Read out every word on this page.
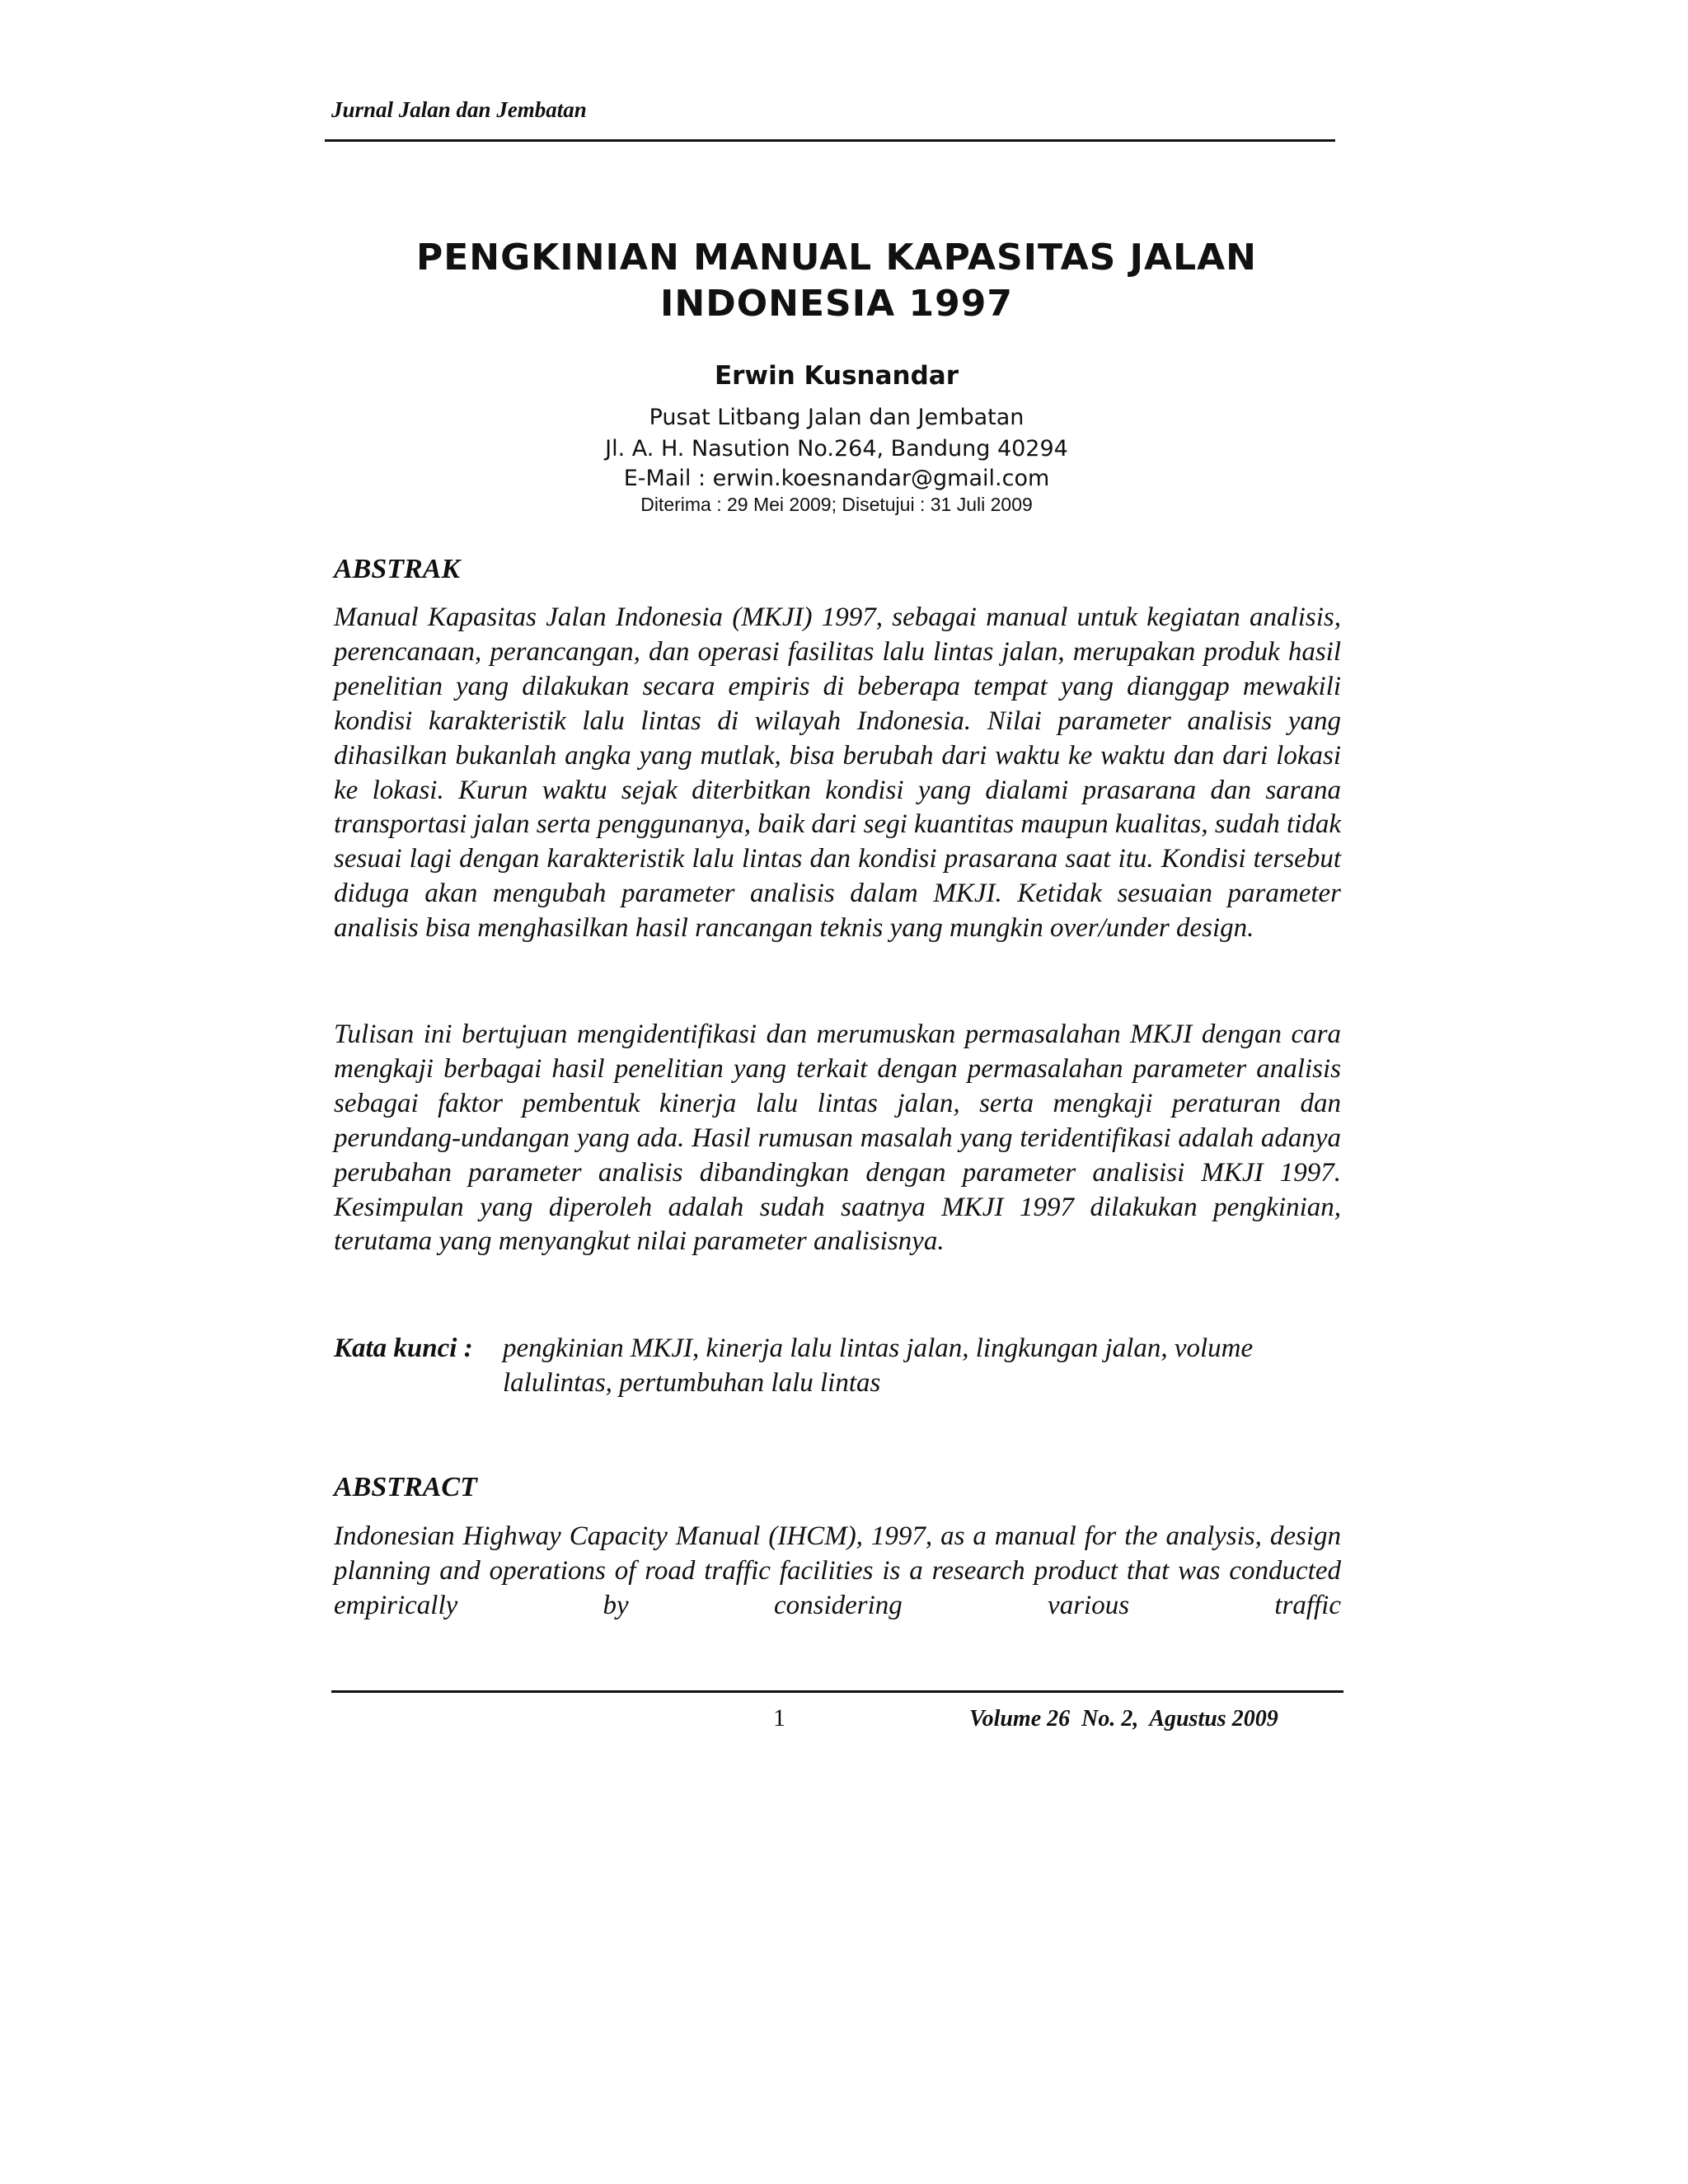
Jurnal Jalan dan Jembatan
PENGKINIAN MANUAL KAPASITAS JALAN
INDONESIA 1997
Erwin Kusnandar
Pusat Litbang Jalan dan Jembatan
Jl. A. H. Nasution No.264, Bandung 40294
E-Mail : erwin.koesnandar@gmail.com
Diterima : 29 Mei 2009; Disetujui : 31 Juli 2009
ABSTRAK

Manual Kapasitas Jalan Indonesia (MKJI) 1997, sebagai manual untuk kegiatan analisis, perencanaan, perancangan, dan operasi fasilitas lalu lintas jalan, merupakan produk hasil penelitian yang dilakukan secara empiris di beberapa tempat yang dianggap mewakili kondisi karakteristik lalu lintas di wilayah Indonesia. Nilai parameter analisis yang dihasilkan bukanlah angka yang mutlak, bisa berubah dari waktu ke waktu dan dari lokasi ke lokasi. Kurun waktu sejak diterbitkan kondisi yang dialami prasarana dan sarana transportasi jalan serta penggunanya, baik dari segi kuantitas maupun kualitas, sudah tidak sesuai lagi dengan karakteristik lalu lintas dan kondisi prasarana saat itu. Kondisi tersebut diduga akan mengubah parameter analisis dalam MKJI. Ketidak sesuaian parameter analisis bisa menghasilkan hasil rancangan teknis yang mungkin over/under design.

Tulisan ini bertujuan mengidentifikasi dan merumuskan permasalahan MKJI dengan cara mengkaji berbagai hasil penelitian yang terkait dengan permasalahan parameter analisis sebagai faktor pembentuk kinerja lalu lintas jalan, serta mengkaji peraturan dan perundang-undangan yang ada. Hasil rumusan masalah yang teridentifikasi adalah adanya perubahan parameter analisis dibandingkan dengan parameter analisisi MKJI 1997. Kesimpulan yang diperoleh adalah sudah saatnya MKJI 1997 dilakukan pengkinian, terutama yang menyangkut nilai parameter analisisnya.

Kata kunci : pengkinian MKJI, kinerja lalu lintas jalan, lingkungan jalan, volume lalulintas, pertumbuhan lalu lintas
ABSTRACT

Indonesian Highway Capacity Manual (IHCM), 1997, as a manual for the analysis, design planning and operations of road traffic facilities is a research product that was conducted empirically by considering various traffic

1	Volume 26  No. 2,  Agustus 2009
